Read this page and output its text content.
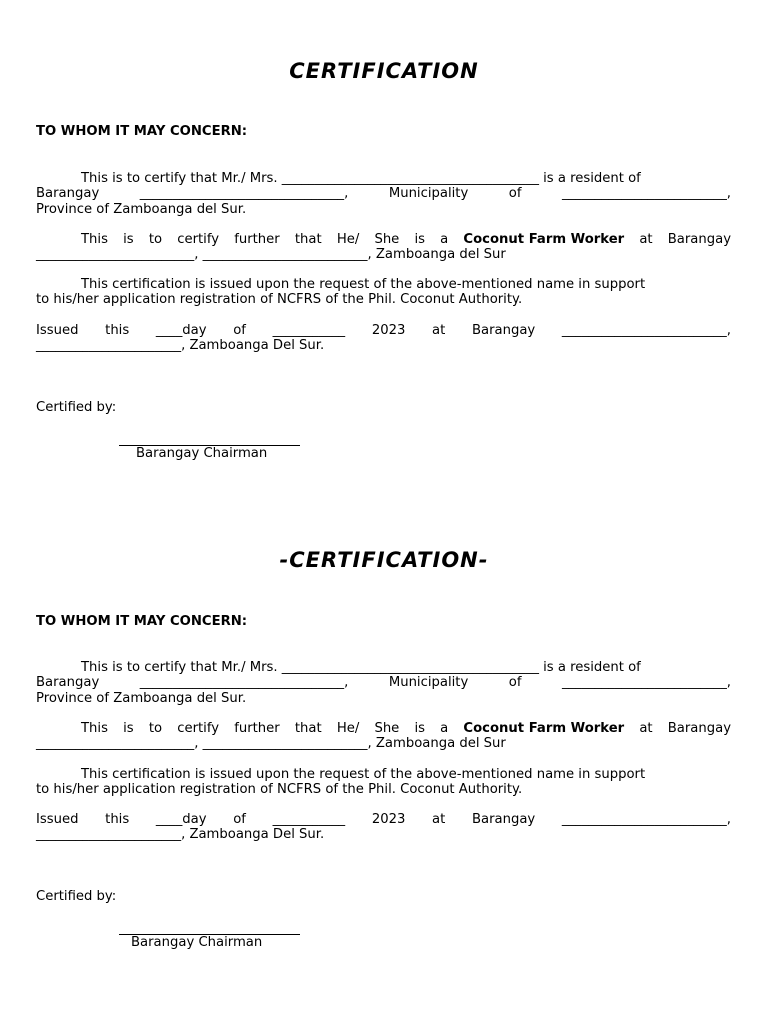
CERTIFICATION
TO WHOM IT MAY CONCERN:
This is to certify that Mr./ Mrs. _______________________________________ is a resident of
Barangay	_______________________________,	Municipality	of	_________________________,
Province of Zamboanga del Sur.
This is to certify further that He/ She is a Coconut Farm Worker at Barangay
________________________, _________________________, Zamboanga del Sur
This certification is issued upon the request of the above-mentioned name in support
to his/her application registration of NCFRS of the Phil. Coconut Authority.
Issued this ____day of ___________ 2023 at Barangay _________________________,
______________________, Zamboanga Del Sur.
Certified by:
Barangay Chairman
-CERTIFICATION-
TO WHOM IT MAY CONCERN:
This is to certify that Mr./ Mrs. _______________________________________ is a resident of
Barangay	_______________________________,	Municipality	of	_________________________,
Province of Zamboanga del Sur.
This is to certify further that He/ She is a Coconut Farm Worker at Barangay
________________________, _________________________, Zamboanga del Sur
This certification is issued upon the request of the above-mentioned name in support
to his/her application registration of NCFRS of the Phil. Coconut Authority.
Issued this ____day of ___________ 2023 at Barangay _________________________,
______________________, Zamboanga Del Sur.
Certified by:
Barangay Chairman
